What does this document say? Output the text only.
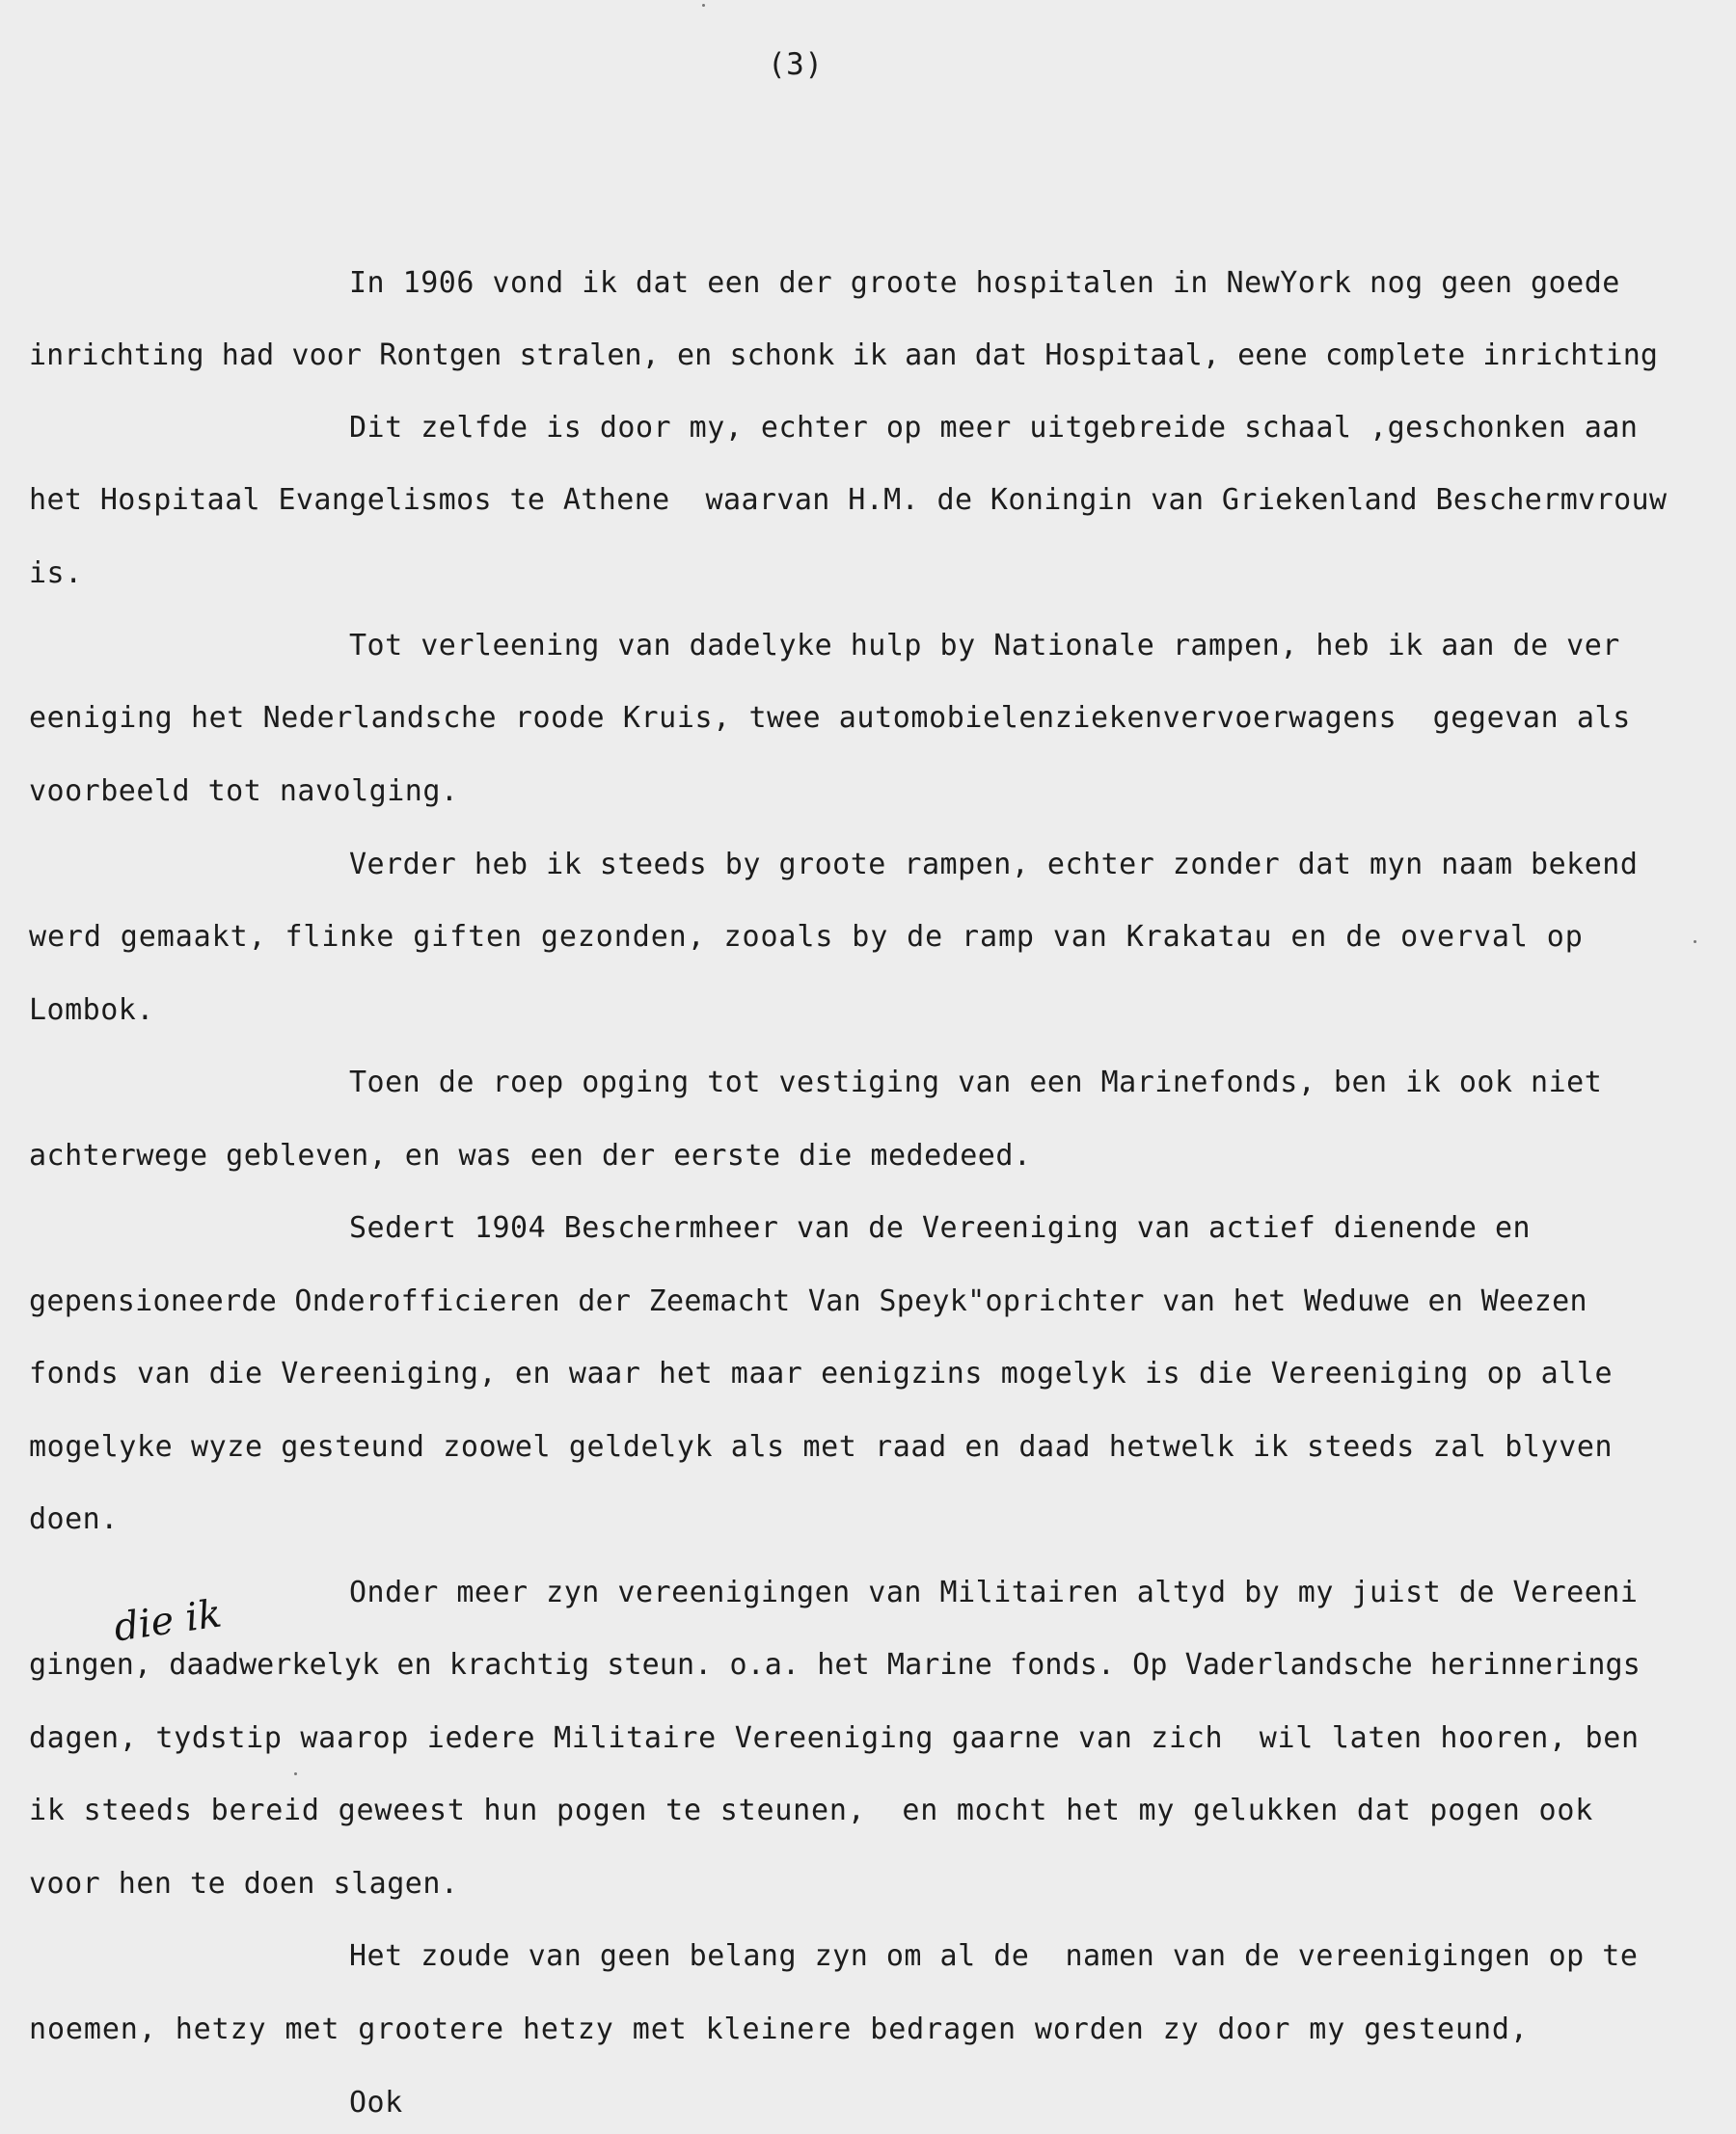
(3)
In 1906 vond ik dat een der groote hospitalen in NewYork nog geen goede
inrichting had voor Rontgen stralen, en schonk ik aan dat Hospitaal, eene complete inrichting
Dit zelfde is door my, echter op meer uitgebreide schaal ,geschonken aan
het Hospitaal Evangelismos te Athene  waarvan H.M. de Koningin van Griekenland Beschermvrouw
is.
Tot verleening van dadelyke hulp by Nationale rampen, heb ik aan de ver
eeniging het Nederlandsche roode Kruis, twee automobielenziekenvervoerwagens  gegevan als
voorbeeld tot navolging.
Verder heb ik steeds by groote rampen, echter zonder dat myn naam bekend
werd gemaakt, flinke giften gezonden, zooals by de ramp van Krakatau en de overval op
Lombok.
Toen de roep opging tot vestiging van een Marinefonds, ben ik ook niet
achterwege gebleven, en was een der eerste die mededeed.
Sedert 1904 Beschermheer van de Vereeniging van actief dienende en
gepensioneerde Onderofficieren der Zeemacht Van Speyk"oprichter van het Weduwe en Weezen
fonds van die Vereeniging, en waar het maar eenigzins mogelyk is die Vereeniging op alle
mogelyke wyze gesteund zoowel geldelyk als met raad en daad hetwelk ik steeds zal blyven
doen.
Onder meer zyn vereenigingen van Militairen altyd by my juist de Vereeni
die ik
gingen, daadwerkelyk en krachtig steun. o.a. het Marine fonds. Op Vaderlandsche herinnerings
dagen, tydstip waarop iedere Militaire Vereeniging gaarne van zich  wil laten hooren, ben
ik steeds bereid geweest hun pogen te steunen,  en mocht het my gelukken dat pogen ook
voor hen te doen slagen.
Het zoude van geen belang zyn om al de  namen van de vereenigingen op te
noemen, hetzy met grootere hetzy met kleinere bedragen worden zy door my gesteund,
Ook
